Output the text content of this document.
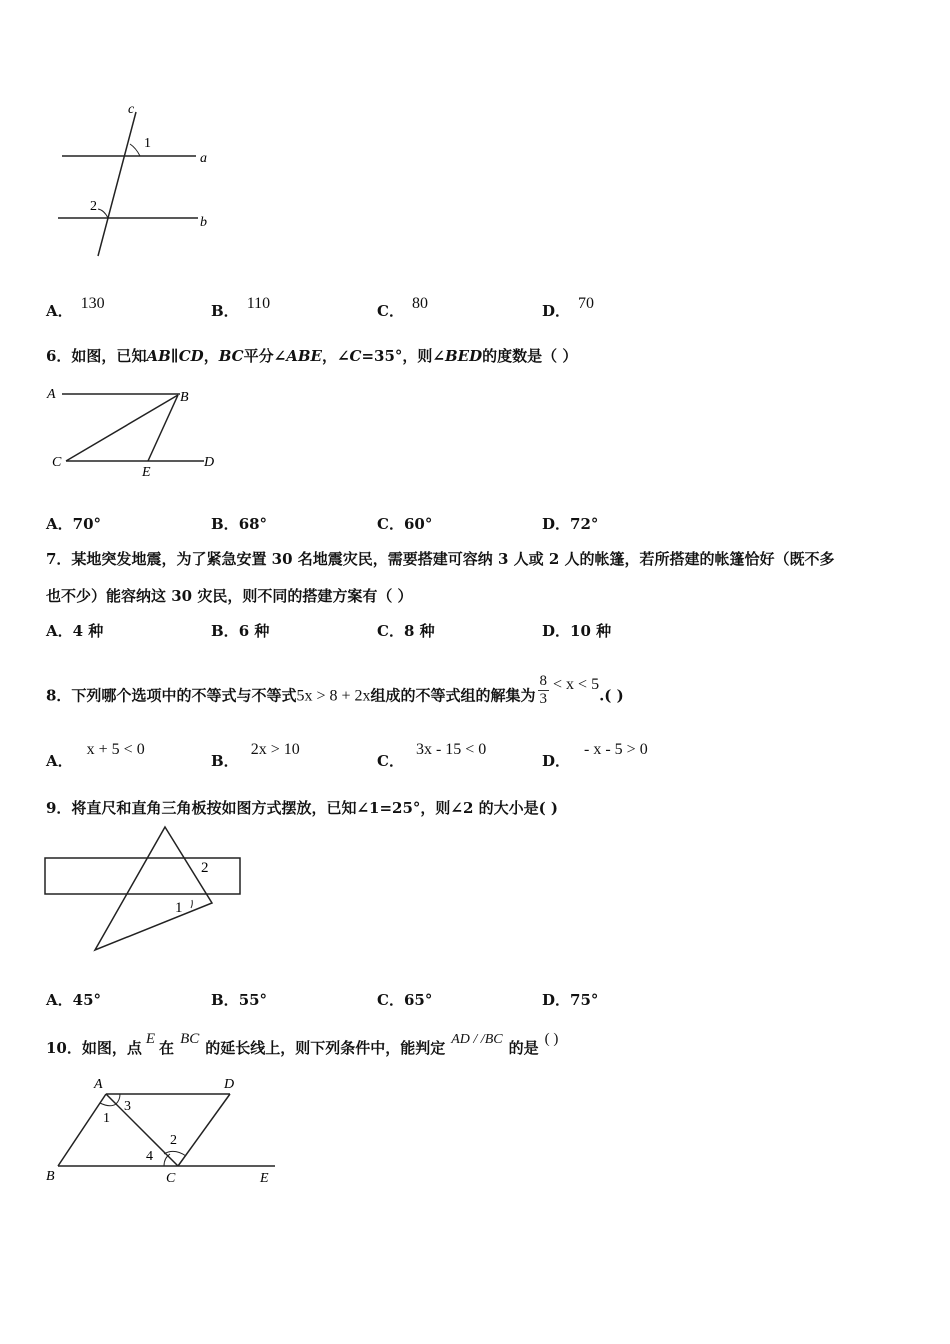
c
1
a
2
b
A． 130	B． 110	C． 80	D． 70
6．如图，已知AB∥CD，BC平分∠ABE，∠C=35°，则∠BED的度数是（ ）
A	B
C
E
D
A．70°	B．68°	C．60°	D．72°
7．某地突发地震，为了紧急安置 30 名地震灾民，需要搭建可容纳 3 人或 2 人的帐篷，若所搭建的帐篷恰好（既不多
也不少）能容纳这 30 灾民，则不同的搭建方案有（ ）
A．4 种	B．6 种	C．8 种	D．10 种
8．下列哪个选项中的不等式与不等式5x > 8 + 2x组成的不等式组的解集为 $\frac{8}{3} < x < 5$.( )
A．x + 5 < 0
B．2x > 10
C．3x - 15 < 0
D．- x - 5 > 0
9．将直尺和直角三角板按如图方式摆放，已知∠1=25°，则∠2 的大小是( )
2
1
A．45°	B．55°	C．65°	D．75°
10．如图，点 E 在 BC 的延长线上，则下列条件中，能判定 AD / /BC 的是 ( )
A	D
3
1
2
4
B	C	E
